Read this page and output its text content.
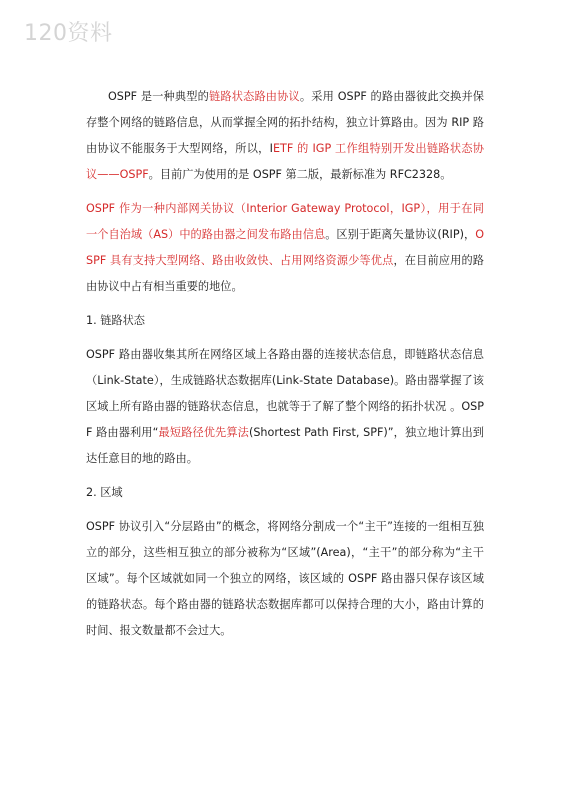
120资料

OSPF 是一种典型的链路状态路由协议。采用 OSPF 的路由器彼此交换并保存整个网络的链路信息，从而掌握全网的拓扑结构，独立计算路由。因为 RIP 路由协议不能服务于大型网络，所以，IETF 的 IGP 工作组特别开发出链路状态协议——OSPF。目前广为使用的是 OSPF 第二版，最新标准为 RFC2328。

OSPF 作为一种内部网关协议（Interior Gateway Protocol，IGP），用于在同一个自治域（AS）中的路由器之间发布路由信息。区别于距离矢量协议(RIP)，OSPF 具有支持大型网络、路由收敛快、占用网络资源少等优点，在目前应用的路由协议中占有相当重要的地位。

1. 链路状态

OSPF 路由器收集其所在网络区域上各路由器的连接状态信息，即链路状态信息（Link-State），生成链路状态数据库(Link-State Database)。路由器掌握了该区域上所有路由器的链路状态信息，也就等于了解了整个网络的拓扑状况 。OSPF 路由器利用“最短路径优先算法(Shortest Path First, SPF)”，独立地计算出到达任意目的地的路由。

2. 区域

OSPF 协议引入“分层路由”的概念，将网络分割成一个“主干”连接的一组相互独立的部分，这些相互独立的部分被称为“区域”(Area)，“主干”的部分称为“主干区域”。每个区域就如同一个独立的网络，该区域的 OSPF 路由器只保存该区域的链路状态。每个路由器的链路状态数据库都可以保持合理的大小，路由计算的时间、报文数量都不会过大。
